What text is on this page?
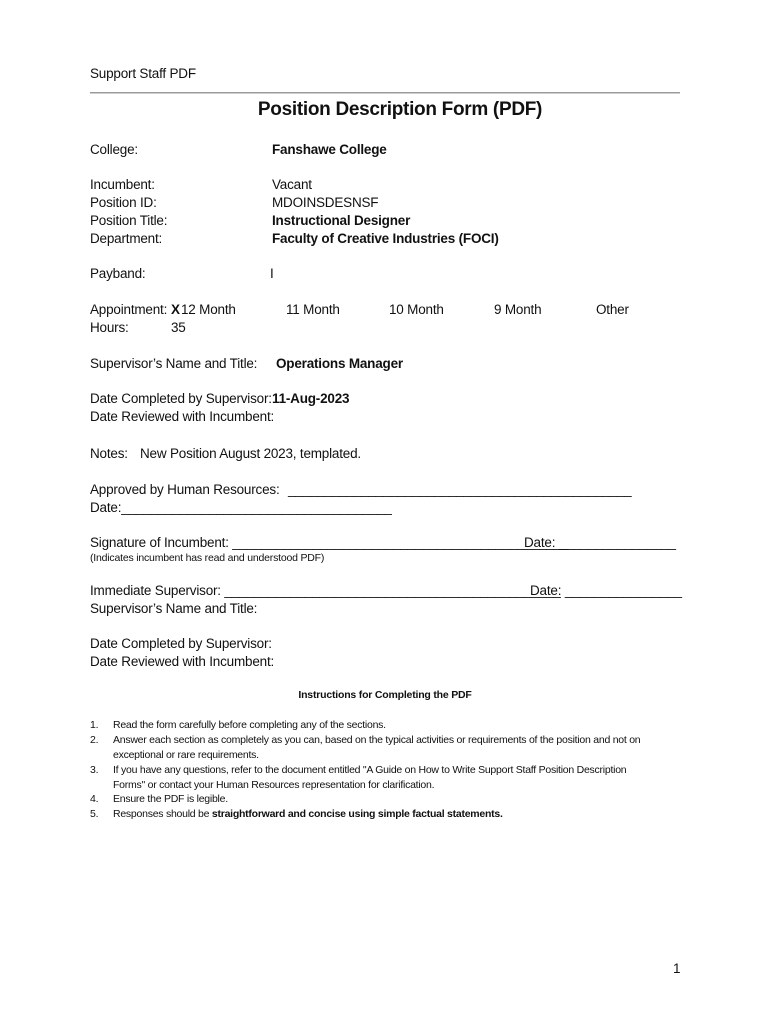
Support Staff PDF
Position Description Form (PDF)
College:	Fanshawe College
Incumbent:	Vacant
Position ID:	MDOINSDESNSF
Position Title:	Instructional Designer
Department:	Faculty of Creative Industries (FOCI)
Payband:	I
Appointment: X 12 Month	11 Month	10 Month	9 Month	Other
Hours:	35
Supervisor’s Name and Title: Operations Manager
Date Completed by Supervisor: 11-Aug-2023
Date Reviewed with Incumbent:
Notes: New Position August 2023, templated.
Approved by Human Resources: _______________________________________________
Date:_____________________________________
Signature of Incumbent: ______________________________________________
Date: ________________
(Indicates incumbent has read and understood PDF)
Immediate Supervisor: ______________________________________________
Date: ________________
Supervisor’s Name and Title:
Date Completed by Supervisor:
Date Reviewed with Incumbent:
Instructions for Completing the PDF
1. Read the form carefully before completing any of the sections.
2. Answer each section as completely as you can, based on the typical activities or requirements of the position and not on
exceptional or rare requirements.
3. If you have any questions, refer to the document entitled "A Guide on How to Write Support Staff Position Description
Forms" or contact your Human Resources representation for clarification.
4. Ensure the PDF is legible.
5. Responses should be straightforward and concise using simple factual statements.
1
